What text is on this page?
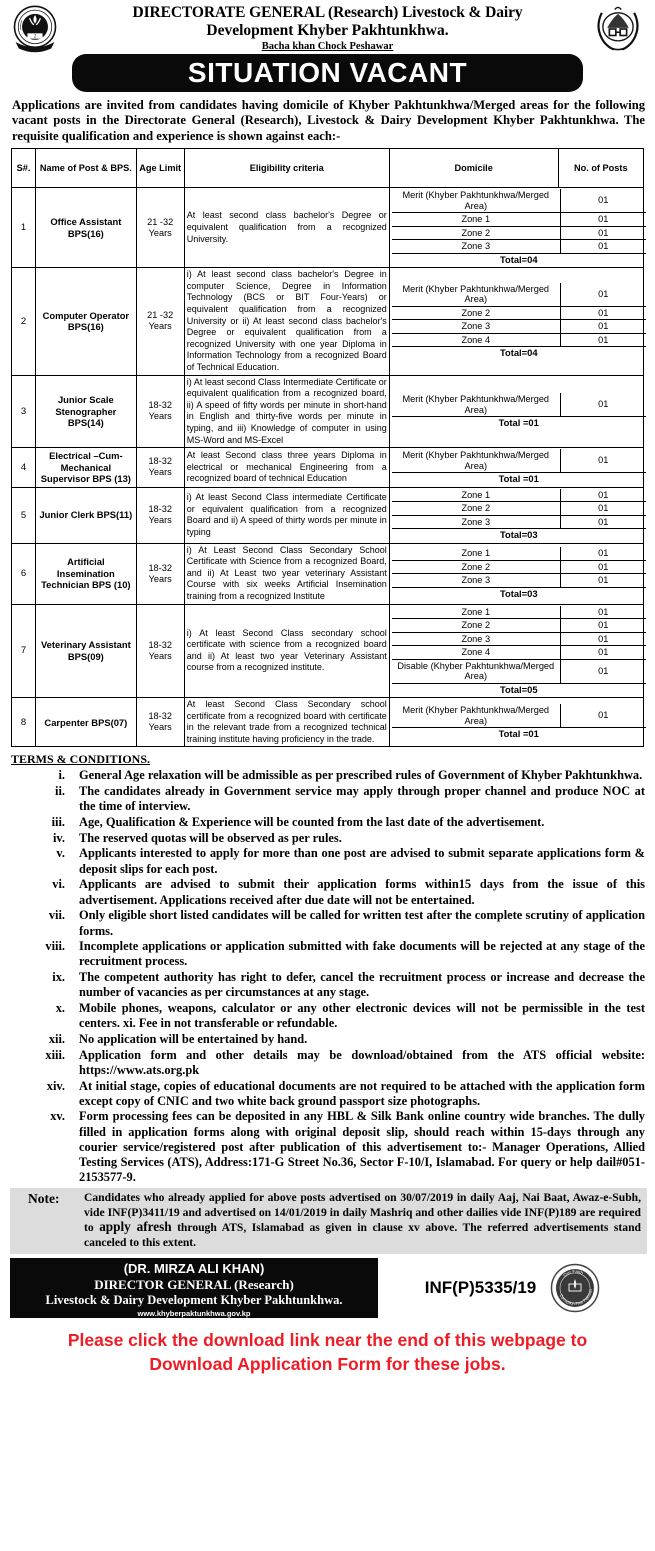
2
DIRECTORATE GENERAL (Research) Livestock & Dairy
Development Khyber Pakhtunkhwa.
Bacha khan Chock Peshawar
SITUATION VACANT
Applications are invited from candidates having domicile of Khyber Pakhtunkhwa/Merged areas for the following vacant posts in the Directorate General (Research), Livestock & Dairy Development Khyber Pakhtunkhwa. The requisite qualification and experience is shown against each:-
S#.	Name of Post & BPS.	Age Limit	Eligibility criteria	Domicile	No. of Posts
1	Office Assistant BPS(16)	21 -32 Years	At least second class bachelor's Degree or equivalent qualification from a recognized University.	
Merit (Khyber Pakhtunkhwa/Merged Area)	01
Zone 1	01
Zone 2	01
Zone 3	01
Total=04

2	Computer Operator BPS(16)	21 -32 Years	i) At least second class bachelor's Degree in computer Science, Degree in Information Technology (BCS or BIT Four-Years) or equivalent qualification from a recognized University or ii) At least second class bachelor's Degree or equivalent qualification from a recognized University with one year Diploma in Information Technology from a recognized Board of Technical Education.	
Merit (Khyber Pakhtunkhwa/Merged Area)	01
Zone 2	01
Zone 3	01
Zone 4	01
Total=04

3	Junior Scale Stenographer BPS(14)	18-32 Years	i) At least second Class Intermediate Certificate or equivalent qualification from a recognized board, ii) A speed of fifty words per minute in short-hand in English and thirty-five words per minute in typing, and iii) Knowledge of computer in using MS-Word and MS-Excel	
Merit (Khyber Pakhtunkhwa/Merged Area)	01
Total =01

4	Electrical –Cum- Mechanical Supervisor BPS (13)	18-32 Years	At least Second class three years Diploma in electrical or mechanical Engineering from a recognized board of technical Education	
Merit (Khyber Pakhtunkhwa/Merged Area)	01
Total =01

5	Junior Clerk BPS(11)	18-32 Years	i) At least Second Class intermediate Certificate or equivalent qualification from a recognized Board and ii) A speed of thirty words per minute in typing	
Zone 1	01
Zone 2	01
Zone 3	01
Total=03

6	Artificial Insemination Technician BPS (10)	18-32 Years	i) At Least Second Class Secondary School Certificate with Science from a recognized Board, and ii) At Least two year veterinary Assistant Course with six weeks Artificial Insemination training from a recognized Institute	
Zone 1	01
Zone 2	01
Zone 3	01
Total=03

7	Veterinary Assistant BPS(09)	18-32 Years	i) At least Second Class secondary school certificate with science from a recognized board and ii) At least two year Veterinary Assistant course from a recognized institute.	
Zone 1	01
Zone 2	01
Zone 3	01
Zone 4	01
Disable (Khyber Pakhtunkhwa/Merged Area)	01
Total=05

8	Carpenter BPS(07)	18-32 Years	At least Second Class Secondary school certificate from a recognized board with certificate in the relevant trade from a recognized technical training institute having proficiency in the trade.	
Merit (Khyber Pakhtunkhwa/Merged Area)	01
Total =01
TERMS & CONDITIONS.
i. General Age relaxation will be admissible as per prescribed rules of Government of Khyber Pakhtunkhwa.
ii. The candidates already in Government service may apply through proper channel and produce NOC at the time of interview.
iii. Age, Qualification & Experience will be counted from the last date of the advertisement.
iv. The reserved quotas will be observed as per rules.
v. Applicants interested to apply for more than one post are advised to submit separate applications form & deposit slips for each post.
vi. Applicants are advised to submit their application forms within15 days from the issue of this advertisement. Applications received after due date will not be entertained.
vii. Only eligible short listed candidates will be called for written test after the complete scrutiny of application forms.
viii. Incomplete applications or application submitted with fake documents will be rejected at any stage of the recruitment process.
ix. The competent authority has right to defer, cancel the recruitment process or increase and decrease the number of vacancies as per circumstances at any stage.
x. Mobile phones, weapons, calculator or any other electronic devices will not be permissible in the test centers. xi. Fee in not transferable or refundable.
xii. No application will be entertained by hand.
xiii. Application form and other details may be download/obtained from the ATS official website: https://www.ats.org.pk
xiv. At initial stage, copies of educational documents are not required to be attached with the application form except copy of CNIC and two white back ground passport size photographs.
xv. Form processing fees can be deposited in any HBL & Silk Bank online country wide branches. The dully filled in application forms along with original deposit slip, should reach within 15-days through any courier service/registered post after publication of this advertisement to:- Manager Operations, Allied Testing Services (ATS), Address:171-G Street No.36, Sector F-10/I, Islamabad. For query or help dail#051-2153577-9.
Note:	Candidates who already applied for above posts advertised on 30/07/2019 in daily Aaj, Nai Baat, Awaz-e-Subh, vide INF(P)3411/19 and advertised on 14/01/2019 in daily Mashriq and other dailies vide INF(P)189 are required to apply afresh through ATS, Islamabad as given in clause xv above. The referred advertisements stand canceled to this extent.
(DR. MIRZA ALI KHAN)
DIRECTOR GENERAL (Research)
Livestock & Dairy Development Khyber Pakhtunkhwa.
www.khyberpaktunkhwa.gov.kp
INF(P)5335/19
Our Faith
Corruption Free Pakistan
Please click the download link near the end of this webpage to
Download Application Form for these jobs.
